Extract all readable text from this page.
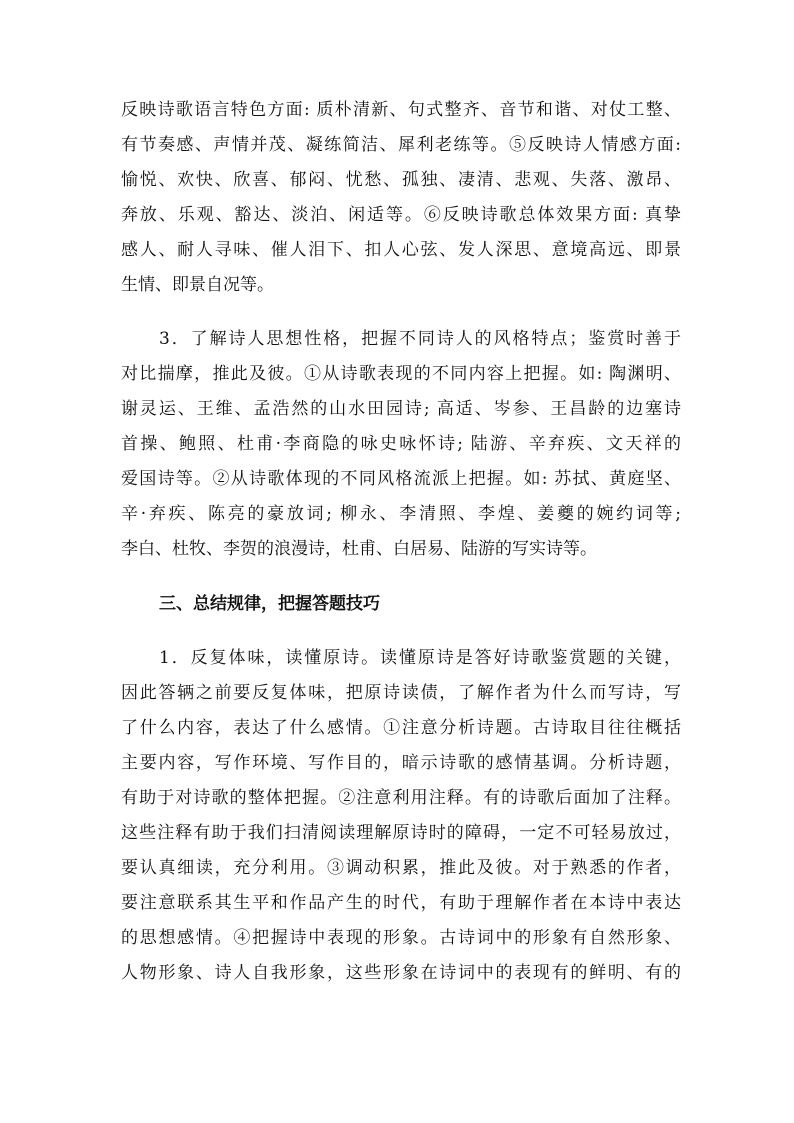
反映诗歌语言特色方面: 质朴清新、句式整齐、音节和谐、对仗工整、
有节奏感、声情并茂、凝练简洁、犀利老练等。⑤反映诗人情感方面:
愉悦、欢快、欣喜、郁闷、忧愁、孤独、凄清、悲观、失落、激昂、
奔放、乐观、豁达、淡泊、闲适等。⑥反映诗歌总体效果方面: 真挚
感人、耐人寻味、催人泪下、扣人心弦、发人深思、意境高远、即景
生情、即景自况等。
3．了解诗人思想性格，把握不同诗人的风格特点；鉴赏时善于
对比揣摩，推此及彼。①从诗歌表现的不同内容上把握。如: 陶渊明、
谢灵运、王维、孟浩然的山水田园诗; 高适、岑参、王昌龄的边塞诗
首操、鲍照、杜甫·李商隐的咏史咏怀诗; 陆游、辛弃疾、文天祥的
爱国诗等。②从诗歌体现的不同风格流派上把握。如: 苏拭、黄庭坚、
辛·弃疾、陈亮的豪放词; 柳永、李清照、李煌、姜夔的婉约词等;
李白、杜牧、李贺的浪漫诗，杜甫、白居易、陆游的写实诗等。
三、总结规律，把握答题技巧
1．反复体味，读懂原诗。读懂原诗是答好诗歌鉴赏题的关键，
因此答辆之前要反复体味，把原诗读债，了解作者为什么而写诗，写
了什么内容，表达了什么感情。①注意分析诗题。古诗取目往往概括
主要内容，写作环境、写作目的，暗示诗歌的感情基调。分析诗题，
有助于对诗歌的整体把握。②注意利用注释。有的诗歌后面加了注释。
这些注释有助于我们扫清阅读理解原诗时的障碍，一定不可轻易放过，
要认真细读，充分利用。③调动积累，推此及彼。对于熟悉的作者，
要注意联系其生平和作品产生的时代，有助于理解作者在本诗中表达
的思想感情。④把握诗中表现的形象。古诗词中的形象有自然形象、
人物形象、诗人自我形象，这些形象在诗词中的表现有的鲜明、有的
